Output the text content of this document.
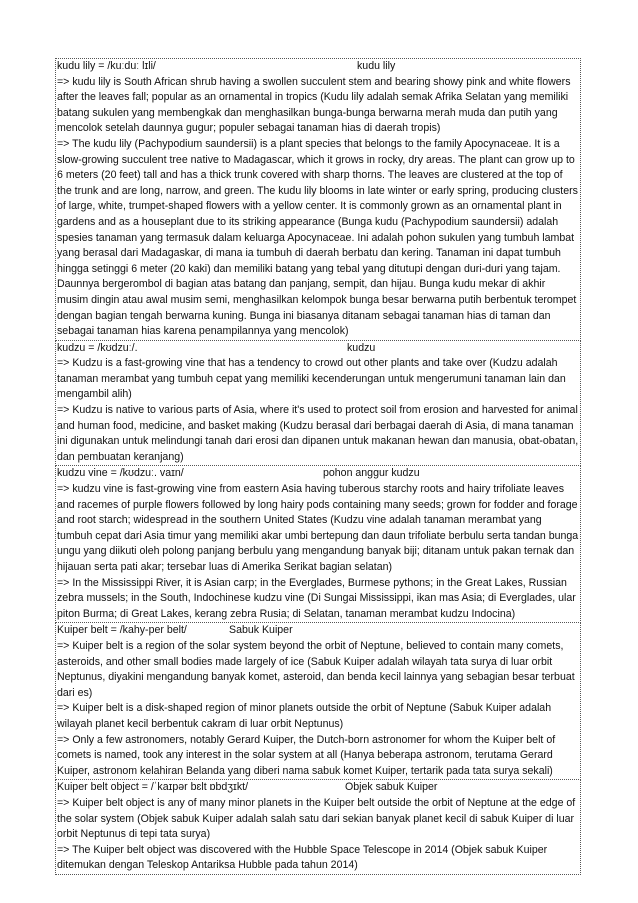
kudu lily = /kuːduː lɪli/	kudu lily

=> kudu lily is South African shrub having a swollen succulent stem and bearing showy pink and white flowers after the leaves fall; popular as an ornamental in tropics (Kudu lily adalah semak Afrika Selatan yang memiliki batang sukulen yang membengkak dan menghasilkan bunga-bunga berwarna merah muda dan putih yang mencolok setelah daunnya gugur; populer sebagai tanaman hias di daerah tropis)

=> The kudu lily (Pachypodium saundersii) is a plant species that belongs to the family Apocynaceae. It is a slow-growing succulent tree native to Madagascar, which it grows in rocky, dry areas. The plant can grow up to 6 meters (20 feet) tall and has a thick trunk covered with sharp thorns. The leaves are clustered at the top of the trunk and are long, narrow, and green. The kudu lily blooms in late winter or early spring, producing clusters of large, white, trumpet-shaped flowers with a yellow center. It is commonly grown as an ornamental plant in gardens and as a houseplant due to its striking appearance (Bunga kudu (Pachypodium saundersii) adalah spesies tanaman yang termasuk dalam keluarga Apocynaceae. Ini adalah pohon sukulen yang tumbuh lambat yang berasal dari Madagaskar, di mana ia tumbuh di daerah berbatu dan kering. Tanaman ini dapat tumbuh hingga setinggi 6 meter (20 kaki) dan memiliki batang yang tebal yang ditutupi dengan duri-duri yang tajam. Daunnya bergerombol di bagian atas batang dan panjang, sempit, dan hijau. Bunga kudu mekar di akhir musim dingin atau awal musim semi, menghasilkan kelompok bunga besar berwarna putih berbentuk terompet dengan bagian tengah berwarna kuning. Bunga ini biasanya ditanam sebagai tanaman hias di taman dan sebagai tanaman hias karena penampilannya yang mencolok)

kudzu = /kʊdzuː/.	kudzu

=> Kudzu is a fast-growing vine that has a tendency to crowd out other plants and take over (Kudzu adalah tanaman merambat yang tumbuh cepat yang memiliki kecenderungan untuk mengerumuni tanaman lain dan mengambil alih)

=> Kudzu is native to various parts of Asia, where it's used to protect soil from erosion and harvested for animal and human food, medicine, and basket making (Kudzu berasal dari berbagai daerah di Asia, di mana tanaman ini digunakan untuk melindungi tanah dari erosi dan dipanen untuk makanan hewan dan manusia, obat-obatan, dan pembuatan keranjang)

kudzu vine = /kʊdzuː. vaɪn/	pohon anggur kudzu

=> kudzu vine is fast-growing vine from eastern Asia having tuberous starchy roots and hairy trifoliate leaves and racemes of purple flowers followed by long hairy pods containing many seeds; grown for fodder and forage and root starch; widespread in the southern United States (Kudzu vine adalah tanaman merambat yang tumbuh cepat dari Asia timur yang memiliki akar umbi bertepung dan daun trifoliate berbulu serta tandan bunga ungu yang diikuti oleh polong panjang berbulu yang mengandung banyak biji; ditanam untuk pakan ternak dan hijauan serta pati akar; tersebar luas di Amerika Serikat bagian selatan)

=> In the Mississippi River, it is Asian carp; in the Everglades, Burmese pythons; in the Great Lakes, Russian zebra mussels; in the South, Indochinese kudzu vine (Di Sungai Mississippi, ikan mas Asia; di Everglades, ular piton Burma; di Great Lakes, kerang zebra Rusia; di Selatan, tanaman merambat kudzu Indocina)

Kuiper belt = /kahy-per belt/	Sabuk Kuiper

=> Kuiper belt is a region of the solar system beyond the orbit of Neptune, believed to contain many comets, asteroids, and other small bodies made largely of ice (Sabuk Kuiper adalah wilayah tata surya di luar orbit Neptunus, diyakini mengandung banyak komet, asteroid, dan benda kecil lainnya yang sebagian besar terbuat dari es)

=> Kuiper belt is a disk-shaped region of minor planets outside the orbit of Neptune (Sabuk Kuiper adalah wilayah planet kecil berbentuk cakram di luar orbit Neptunus)

=> Only a few astronomers, notably Gerard Kuiper, the Dutch-born astronomer for whom the Kuiper belt of comets is named, took any interest in the solar system at all (Hanya beberapa astronom, terutama Gerard Kuiper, astronom kelahiran Belanda yang diberi nama sabuk komet Kuiper, tertarik pada tata surya sekali)

Kuiper belt object = /ˈkaɪpər bɛlt ɒbdʒɪkt/	Objek sabuk Kuiper

=> Kuiper belt object is any of many minor planets in the Kuiper belt outside the orbit of Neptune at the edge of the solar system (Objek sabuk Kuiper adalah salah satu dari sekian banyak planet kecil di sabuk Kuiper di luar orbit Neptunus di tepi tata surya)

=> The Kuiper belt object was discovered with the Hubble Space Telescope in 2014 (Objek sabuk Kuiper ditemukan dengan Teleskop Antariksa Hubble pada tahun 2014)
